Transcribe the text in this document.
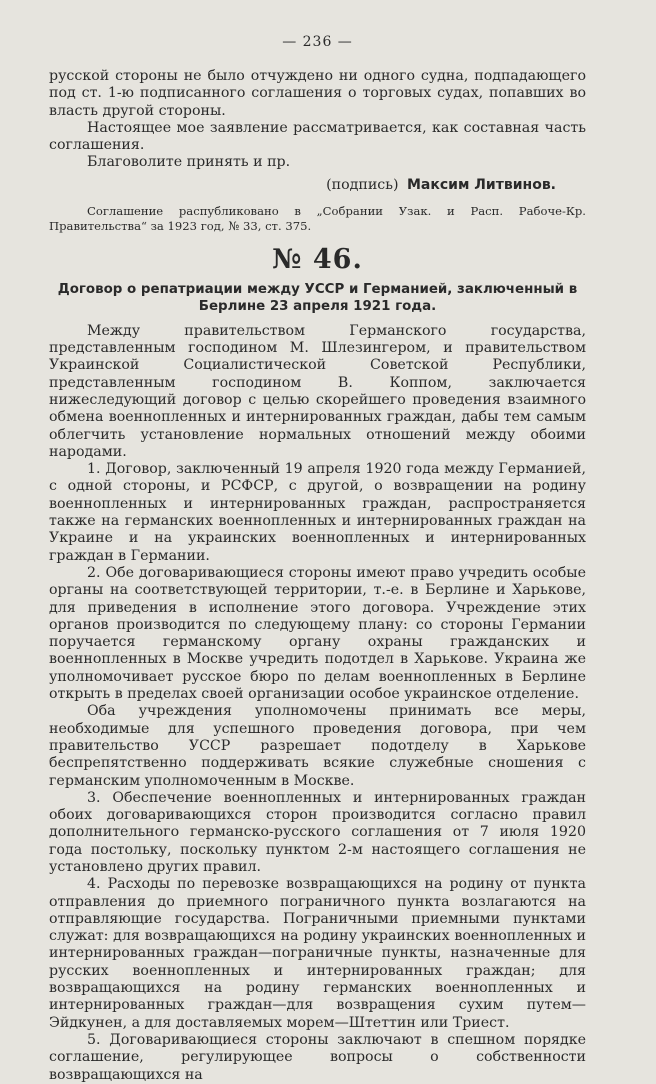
— 236 —

русской стороны не было отчуждено ни одного судна, подпадающего под ст. 1-ю подписанного соглашения о торговых судах, попавших во власть другой стороны.

Настоящее мое заявление рассматривается, как составная часть соглашения.

Благоволите принять и пр.

(подпись) Максим Литвинов.

Соглашение распубликовано в „Собрании Узак. и Расп. Рабоче-Кр. Правительства“ за 1923 год, № 33, ст. 375.

№ 46.
Договор о репатриации между УССР и Германией, заключенный в Берлине 23 апреля 1921 года.

Между правительством Германского государства, представленным господином М. Шлезингером, и правительством Украинской Социалистической Советской Республики, представленным господином В. Коппом, заключается нижеследующий договор с целью скорейшего проведения взаимного обмена военнопленных и интернированных граждан, дабы тем самым облегчить установление нормальных отношений между обоими народами.

1. Договор, заключенный 19 апреля 1920 года между Германией, с одной стороны, и РСФСР, с другой, о возвращении на родину военнопленных и интернированных граждан, распространяется также на германских военнопленных и интернированных граждан на Украине и на украинских военнопленных и интернированных граждан в Германии.

2. Обе договаривающиеся стороны имеют право учредить особые органы на соответствующей территории, т.-е. в Берлине и Харькове, для приведения в исполнение этого договора. Учреждение этих органов производится по следующему плану: со стороны Германии поручается германскому органу охраны гражданских и военнопленных в Москве учредить подотдел в Харькове. Украина же уполномочивает русское бюро по делам военнопленных в Берлине открыть в пределах своей организации особое украинское отделение.

Оба учреждения уполномочены принимать все меры, необходимые для успешного проведения договора, при чем правительство УССР разрешает подотделу в Харькове беспрепятственно поддерживать всякие служебные сношения с германским уполномоченным в Москве.

3. Обеспечение военнопленных и интернированных граждан обоих договаривающихся сторон производится согласно правил дополнительного германско-русского соглашения от 7 июля 1920 года постольку, поскольку пунктом 2-м настоящего соглашения не установлено других правил.

4. Расходы по перевозке возвращающихся на родину от пункта отправления до приемного пограничного пункта возлагаются на отправляющие государства. Пограничными приемными пунктами служат: для возвращающихся на родину украинских военнопленных и интернированных граждан—пограничные пункты, назначенные для русских военнопленных и интернированных граждан; для возвращающихся на родину германских военнопленных и интернированных граждан—для возвращения сухим путем—Эйдкунен, а для доставляемых морем—Штеттин или Триест.

5. Договаривающиеся стороны заключают в спешном порядке соглашение, регулирующее вопросы о собственности возвращающихся на
